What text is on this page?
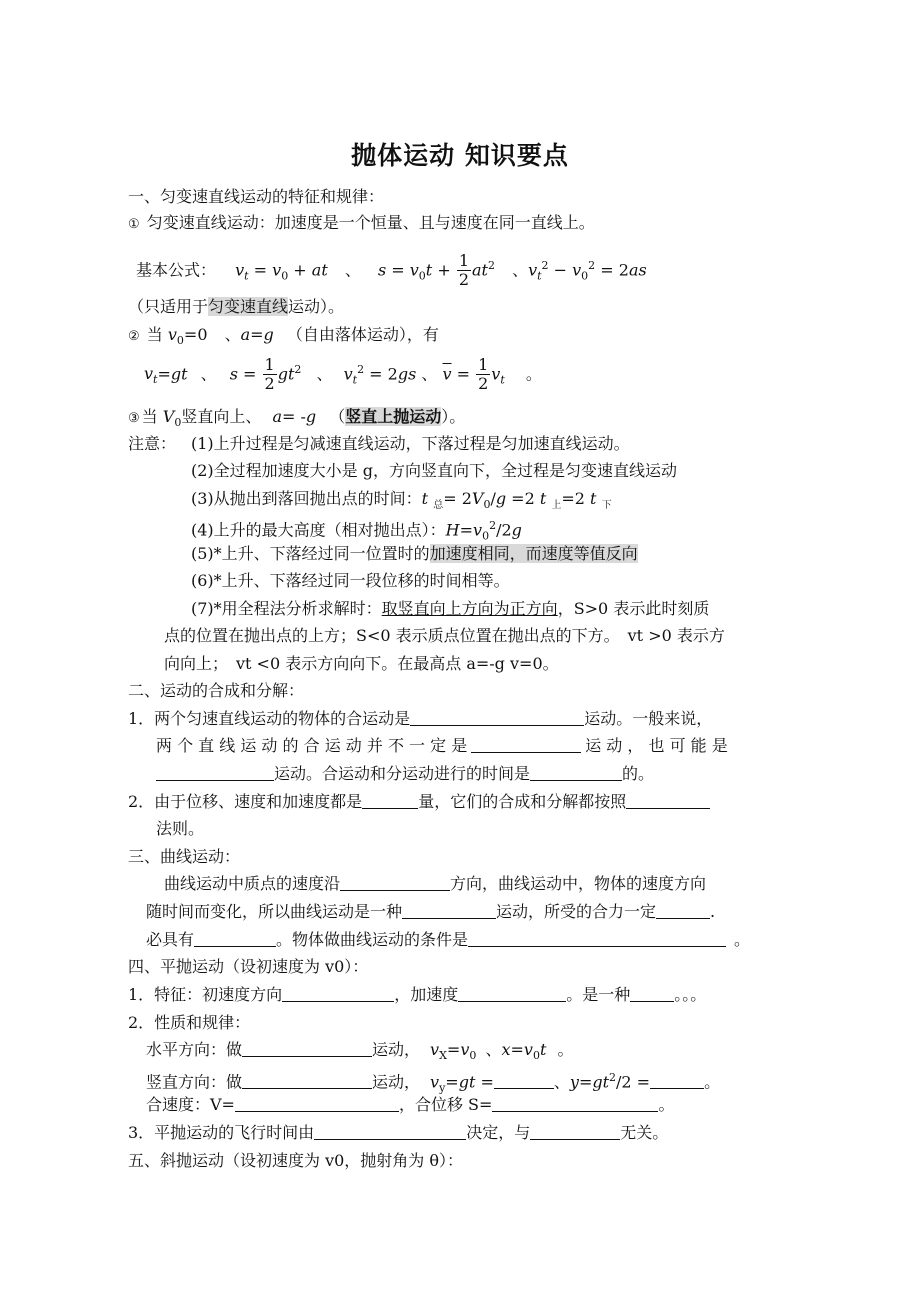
抛体运动 知识要点
一、匀变速直线运动的特征和规律：
① 匀变速直线运动：加速度是一个恒量、且与速度在同一直线上。
基本公式： $v_t = v_0$ + at 、 $s = v_0t + \frac{1}{2} at^2$ 、$v_t^2 - v_0^2 = 2as$
（只适用于匀变速直线运动）。
② 当 $v_0=0$ 、a=g （自由落体运动），有
$v_t=gt$ 、 $s = \frac{1}{2} gt^2$ 、 $v_t^2 = 2gs$ 、 $\overline{v} = \frac{1}{2} v_t$ 。
③ 当 $V_0$竖直向上、 a= -g （竖直上抛运动）。
注意： (1)上升过程是匀减速直线运动，下落过程是匀加速直线运动。
(2)全过程加速度大小是 g，方向竖直向下，全过程是匀变速直线运动
(3)从抛出到落回抛出点的时间：t $_总= 2V_0/g =2$ t $_上$=2 t $_下$
(4)上升的最大高度（相对抛出点）：$H=v_0^2/2g$
(5)*上升、下落经过同一位置时的加速度相同，而速度等值反向
(6)*上升、下落经过同一段位移的时间相等。
(7)*用全程法分析求解时：取竖直向上方向为正方向，S>0 表示此时刻质
点的位置在抛出点的上方；S<0 表示质点位置在抛出点的下方。　vt >0 表示方
向向上；　vt <0 表示方向向下。在最高点 a=-g v=0。
二、运动的合成和分解：
1．两个匀速直线运动的物体的合运动是	运动。一般来说，
两 个 直 线 运 动 的 合 运 动 并 不 一 定 是	运 动 ， 也 可 能 是
运动。合运动和分运动进行的时间是	的。
2．由于位移、速度和加速度都是	量，它们的合成和分解都按照
法则。
三、曲线运动：
曲线运动中质点的速度沿	方向，曲线运动中，物体的速度方向
随时间而变化，所以曲线运动是一种	运动，所受的合力一定	.
必具有	。物体做曲线运动的条件是	。
四、平抛运动（设初速度为 v0）：
1．特征：初速度方向	，加速度	。是一种	。。。
2．性质和规律：
水平方向：做	运动， $v_X=v_0$ 、$x=v_0t$ 。
竖直方向：做	运动， $v_y=gt$ =	、$y=gt^2/2$ =	。
合速度：V=	，合位移 S=	。
3．平抛运动的飞行时间由	决定，与	无关。
五、斜抛运动（设初速度为 v0，抛射角为 θ）：
